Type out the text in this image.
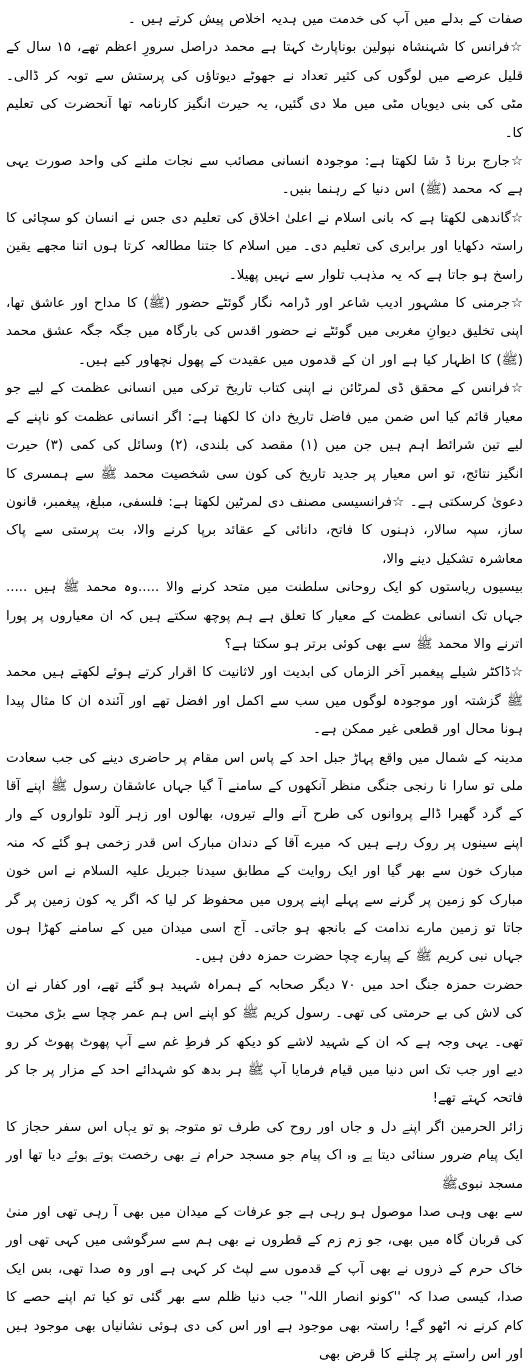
صفات کے بدلے میں آپ کی خدمت میں ہدیہ اخلاص پیش کرتے ہیں ۔

☆فرانس کا شہنشاہ نپولین بوناپارٹ کہتا ہے محمد دراصل سرورِ اعظم تھے، ۱۵ سال کے قلیل عرصے میں لوگوں کی کثیر تعداد نے جھوٹے دیوتاؤں کی پرستش سے توبہ کر ڈالی۔ مٹی کی بنی دیویاں مٹی میں ملا دی گئیں، یہ حیرت انگیز کارنامہ تھا آنحضرت کی تعلیم کا۔

☆جارج برنا ڈ شا لکھتا ہے: موجودہ انسانی مصائب سے نجات ملنے کی واحد صورت یہی ہے کہ محمد (ﷺ) اس دنیا کے رہنما بنیں۔

☆گاندھی لکھتا ہے کہ بانی اسلام نے اعلیٰ اخلاق کی تعلیم دی جس نے انسان کو سچائی کا راستہ دکھایا اور برابری کی تعلیم دی۔ میں اسلام کا جتنا مطالعہ کرتا ہوں اتنا مجھے یقین راسخ ہو جاتا ہے کہ یہ مذہب تلوار سے نہیں پھیلا۔

☆جرمنی کا مشہور ادیب شاعر اور ڈرامہ نگار گوئٹے حضور (ﷺ) کا مداح اور عاشق تھا، اپنی تخلیق دیوانِ مغربی میں گوئٹے نے حضور اقدس کی بارگاہ میں جگہ جگہ عشق محمد (ﷺ) کا اظہار کیا ہے اور ان کے قدموں میں عقیدت کے پھول نچھاور کیے ہیں۔

☆فرانس کے محقق ڈی لمرٹائن نے اپنی کتاب تاریخ ترکی میں انسانی عظمت کے لیے جو معیار قائم کیا اس ضمن میں فاضل تاریخ دان کا لکھنا ہے: اگر انسانی عظمت کو ناپنے کے لیے تین شرائط اہم ہیں جن میں (۱) مقصد کی بلندی، (۲) وسائل کی کمی (۳) حیرت انگیز نتائج، تو اس معیار پر جدید تاریخ کی کون سی شخصیت محمد ﷺ سے ہمسری کا دعویٰ کرسکتی ہے۔ ☆فرانسیسی مصنف دی لمرٹین لکھتا ہے: فلسفی، مبلغ، پیغمبر، قانون ساز، سپہ سالار، ذہنوں کا فاتح، دانائی کے عقائد برپا کرنے والا، بت پرستی سے پاک معاشرہ تشکیل دینے والا،

بیسیوں ریاستوں کو ایک روحانی سلطنت میں متحد کرنے والا .....وہ محمد ﷺ ہیں ..... جہاں تک انسانی عظمت کے معیار کا تعلق ہے ہم پوچھ سکتے ہیں کہ ان معیاروں پر پورا اترنے والا محمد ﷺ سے بھی کوئی برتر ہو سکتا ہے؟

☆ڈاکٹر شیلے پیغمبر آخر الزماں کی ابدیت اور لاثانیت کا اقرار کرتے ہوئے لکھتے ہیں محمد ﷺ گزشتہ اور موجودہ لوگوں میں سب سے اکمل اور افضل تھے اور آئندہ ان کا مثال پیدا ہونا محال اور قطعی غیر ممکن ہے۔

مدینہ کے شمال میں واقع پہاڑ جبل احد کے پاس اس مقام پر حاضری دینے کی جب سعادت ملی تو سارا نا رنجی جنگی منظر آنکھوں کے سامنے آ گیا جہاں عاشقان رسول ﷺ اپنے آقا کے گرد گھیرا ڈالے پروانوں کی طرح آنے والے تیروں، بھالوں اور زہر آلود تلواروں کے وار اپنے سینوں پر روک رہے ہیں کہ میرے آقا کے دندان مبارک اس قدر زخمی ہو گئے کہ منہ مبارک خون سے بھر گیا اور ایک روایت کے مطابق سیدنا جبریل علیہ السلام نے اس خون مبارک کو زمین پر گرنے سے پہلے اپنے پروں میں محفوظ کر لیا کہ اگر یہ کون زمین پر گر جاتا تو زمین مارے ندامت کے بانجھ ہو جاتی۔ آج اسی میدان میں کے سامنے کھڑا ہوں جہاں نبی کریم ﷺ کے پیارے چچا حضرت حمزہ دفن ہیں۔

حضرت حمزہ جنگ احد میں ۷۰ دیگر صحابہ کے ہمراہ شہید ہو گئے تھے، اور کفار نے ان کی لاش کی بے حرمتی کی تھی۔ رسول کریم ﷺ کو اپنے اس ہم عمر چچا سے بڑی محبت تھی۔ یہی وجہ ہے کہ ان کے شہید لاشے کو دیکھ کر فرطِ غم سے آپ پھوٹ پھوٹ کر رو دیے اور جب تک اس دنیا میں قیام فرمایا آپ ﷺ ہر بدھ کو شہدائے احد کے مزار پر جا کر فاتحہ کہتے تھے!

زائر الحرمین اگر اپنے دل و جاں اور روح کی طرف تو متوجہ ہو تو یہاں اس سفر حجاز کا ایک پیام ضرور سنائی دیتا ہے وہ اک پیام جو مسجد حرام نے بھی رخصت ہوتے ہوئے دیا تھا اور مسجد نبویﷺ

سے بھی وہی صدا موصول ہو رہی ہے جو عرفات کے میدان میں بھی آ رہی تھی اور منیٰ کی قربان گاہ میں بھی، جو زم زم کے قطروں نے بھی ہم سے سرگوشی میں کہی تھی اور خاک حرم کے ذروں نے بھی آپ کے قدموں سے لپٹ کر کہی ہے اور وہ صدا تھی، بس ایک صدا، کیسی صدا کہ ''کونو انصار اللہ'' جب دنیا ظلم سے بھر گئی تو کیا تم اپنے حصے کا کام کرنے نہ اٹھو گے! راستہ بھی موجود ہے اور اس کی دی ہوئی نشانیاں بھی موجود ہیں اور اس راستے پر چلنے کا قرض بھی
